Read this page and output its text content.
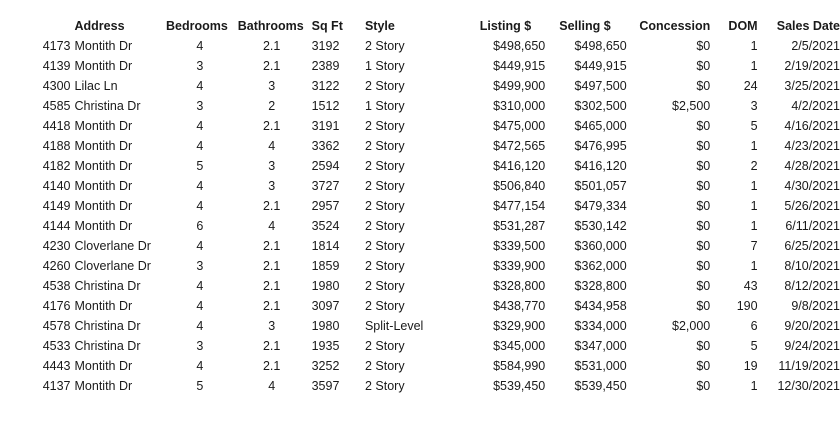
	Address	Bedrooms	Bathrooms	Sq Ft	Style	Listing $	Selling $	Concession	DOM	Sales Date
4173	Montith Dr	4	2.1	3192	2 Story	$498,650	$498,650	$0	1	2/5/2021
4139	Montith Dr	3	2.1	2389	1 Story	$449,915	$449,915	$0	1	2/19/2021
4300	Lilac Ln	4	3	3122	2 Story	$499,900	$497,500	$0	24	3/25/2021
4585	Christina Dr	3	2	1512	1 Story	$310,000	$302,500	$2,500	3	4/2/2021
4418	Montith Dr	4	2.1	3191	2 Story	$475,000	$465,000	$0	5	4/16/2021
4188	Montith Dr	4	4	3362	2 Story	$472,565	$476,995	$0	1	4/23/2021
4182	Montith Dr	5	3	2594	2 Story	$416,120	$416,120	$0	2	4/28/2021
4140	Montith Dr	4	3	3727	2 Story	$506,840	$501,057	$0	1	4/30/2021
4149	Montith Dr	4	2.1	2957	2 Story	$477,154	$479,334	$0	1	5/26/2021
4144	Montith Dr	6	4	3524	2 Story	$531,287	$530,142	$0	1	6/11/2021
4230	Cloverlane Dr	4	2.1	1814	2 Story	$339,500	$360,000	$0	7	6/25/2021
4260	Cloverlane Dr	3	2.1	1859	2 Story	$339,900	$362,000	$0	1	8/10/2021
4538	Christina Dr	4	2.1	1980	2 Story	$328,800	$328,800	$0	43	8/12/2021
4176	Montith Dr	4	2.1	3097	2 Story	$438,770	$434,958	$0	190	9/8/2021
4578	Christina Dr	4	3	1980	Split-Level	$329,900	$334,000	$2,000	6	9/20/2021
4533	Christina Dr	3	2.1	1935	2 Story	$345,000	$347,000	$0	5	9/24/2021
4443	Montith Dr	4	2.1	3252	2 Story	$584,990	$531,000	$0	19	11/19/2021
4137	Montith Dr	5	4	3597	2 Story	$539,450	$539,450	$0	1	12/30/2021
